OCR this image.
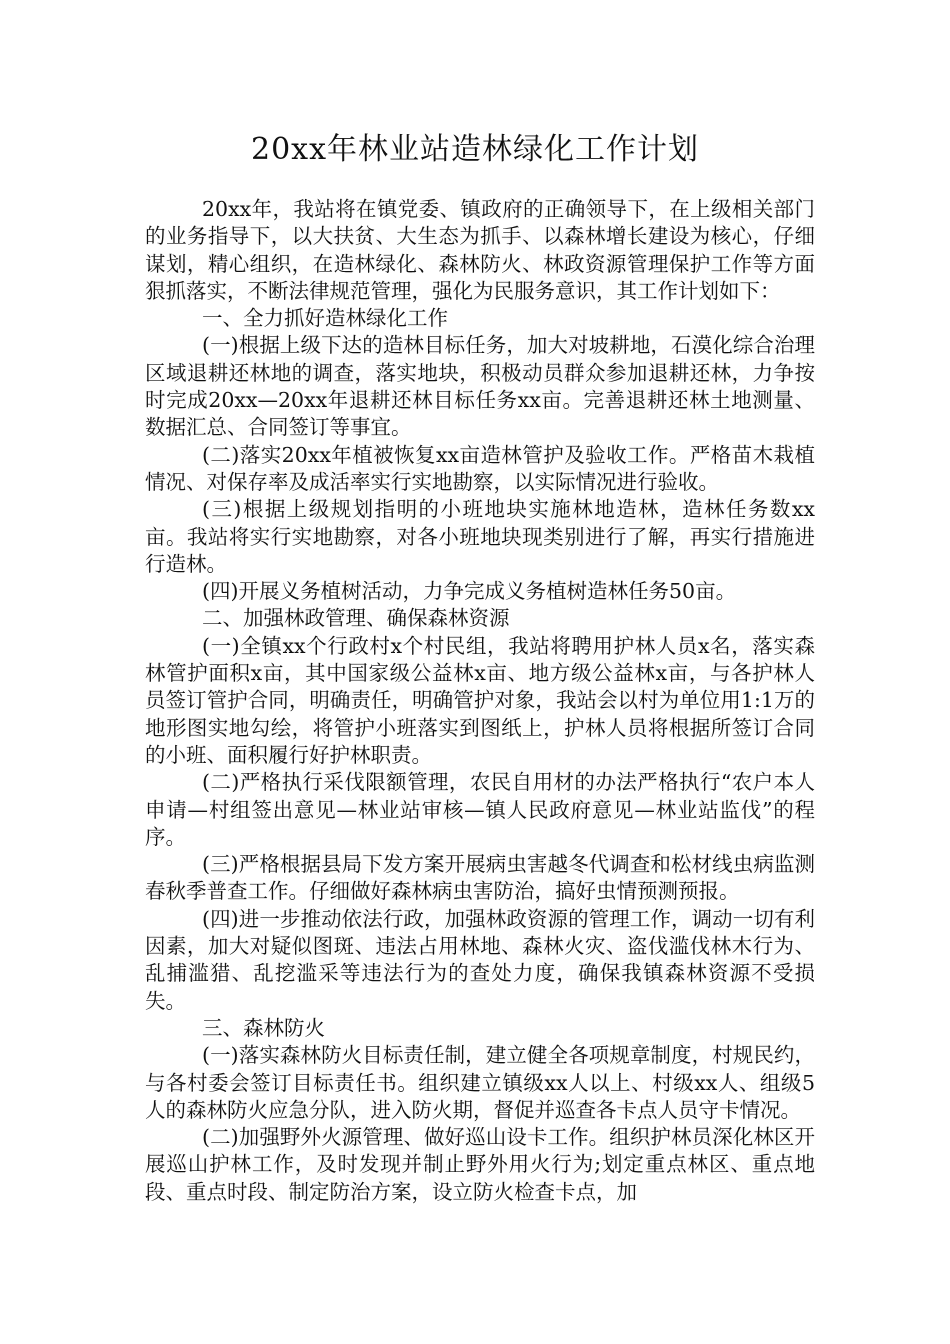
20xx年林业站造林绿化工作计划

20xx年，我站将在镇党委、镇政府的正确领导下，在上级相关部门的业务指导下，以大扶贫、大生态为抓手、以森林增长建设为核心，仔细谋划，精心组织，在造林绿化、森林防火、林政资源管理保护工作等方面狠抓落实，不断法律规范管理，强化为民服务意识，其工作计划如下：

一、全力抓好造林绿化工作

(一)根据上级下达的造林目标任务，加大对坡耕地，石漠化综合治理区域退耕还林地的调查，落实地块，积极动员群众参加退耕还林，力争按时完成20xx—20xx年退耕还林目标任务xx亩。完善退耕还林土地测量、数据汇总、合同签订等事宜。

(二)落实20xx年植被恢复xx亩造林管护及验收工作。严格苗木栽植情况、对保存率及成活率实行实地勘察，以实际情况进行验收。

(三)根据上级规划指明的小班地块实施林地造林，造林任务数xx亩。我站将实行实地勘察，对各小班地块现类别进行了解，再实行措施进行造林。

(四)开展义务植树活动，力争完成义务植树造林任务50亩。

二、加强林政管理、确保森林资源

(一)全镇xx个行政村x个村民组，我站将聘用护林人员x名，落实森林管护面积x亩，其中国家级公益林x亩、地方级公益林x亩，与各护林人员签订管护合同，明确责任，明确管护对象，我站会以村为单位用1:1万的地形图实地勾绘，将管护小班落实到图纸上，护林人员将根据所签订合同的小班、面积履行好护林职责。

(二)严格执行采伐限额管理，农民自用材的办法严格执行“农户本人申请—村组签出意见—林业站审核—镇人民政府意见—林业站监伐”的程序。

(三)严格根据县局下发方案开展病虫害越冬代调查和松材线虫病监测春秋季普查工作。仔细做好森林病虫害防治，搞好虫情预测预报。

(四)进一步推动依法行政，加强林政资源的管理工作，调动一切有利因素，加大对疑似图斑、违法占用林地、森林火灾、盗伐滥伐林木行为、乱捕滥猎、乱挖滥采等违法行为的查处力度，确保我镇森林资源不受损失。

三、森林防火

(一)落实森林防火目标责任制，建立健全各项规章制度，村规民约，与各村委会签订目标责任书。组织建立镇级xx人以上、村级xx人、组级5人的森林防火应急分队，进入防火期，督促并巡查各卡点人员守卡情况。

(二)加强野外火源管理、做好巡山设卡工作。组织护林员深化林区开展巡山护林工作，及时发现并制止野外用火行为;划定重点林区、重点地段、重点时段、制定防治方案，设立防火检查卡点，加
